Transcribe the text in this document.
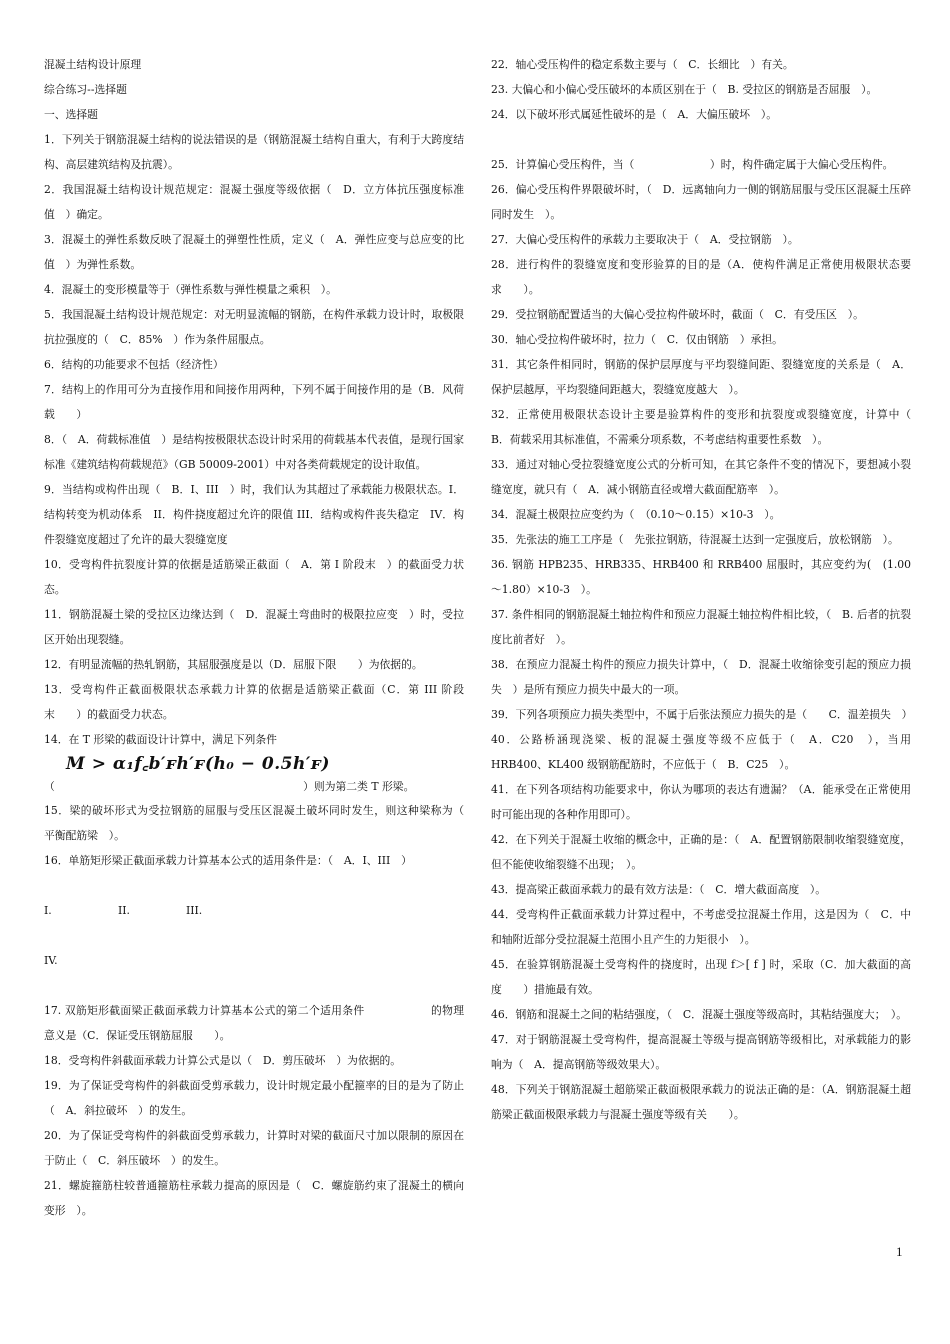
混凝土结构设计原理

综合练习--选择题

一、选择题

1．下列关于钢筋混凝土结构的说法错误的是（钢筋混凝土结构自重大，有利于大跨度结构、高层建筑结构及抗震）。

2．我国混凝土结构设计规范规定：混凝土强度等级依据（　D．立方体抗压强度标准值　）确定。

3．混凝土的弹性系数反映了混凝土的弹塑性性质，定义（　A．弹性应变与总应变的比值　）为弹性系数。

4．混凝土的变形模量等于（弹性系数与弹性模量之乘积　）。

5．我国混凝土结构设计规范规定：对无明显流幅的钢筋，在构件承载力设计时，取极限抗拉强度的（　C．85%　）作为条件屈服点。

6．结构的功能要求不包括（经济性）

7．结构上的作用可分为直接作用和间接作用两种，下列不属于间接作用的是（B．风荷载　　）

8．（　A．荷载标准值　）是结构按极限状态设计时采用的荷载基本代表值，是现行国家标准《建筑结构荷载规范》（GB 50009-2001）中对各类荷载规定的设计取值。

9．当结构或构件出现（　B．I、III　）时，我们认为其超过了承载能力极限状态。I．结构转变为机动体系　II．构件挠度超过允许的限值 III．结构或构件丧失稳定　IV．构件裂缝宽度超过了允许的最大裂缝宽度

10．受弯构件抗裂度计算的依据是适筋梁正截面（　A．第 I 阶段末　）的截面受力状态。

11．钢筋混凝土梁的受拉区边缘达到（　D．混凝土弯曲时的极限拉应变　）时，受拉区开始出现裂缝。

12．有明显流幅的热轧钢筋，其屈服强度是以（D．屈服下限　　）为依据的。

13．受弯构件正截面极限状态承载力计算的依据是适筋梁正截面（C．第 III 阶段末　　）的截面受力状态。

14．在 T 形梁的截面设计计算中，满足下列条件

M > α₁f꜀b′ꜰh′ꜰ(h₀ − 0.5h′ꜰ)
（　　　　　　　　　　　　　　　　　　　　　　　）则为第二类 T 形梁。

15．梁的破坏形式为受拉钢筋的屈服与受压区混凝土破坏同时发生，则这种梁称为（　平衡配筋梁　）。

16．单筋矩形梁正截面承载力计算基本公式的适用条件是：（　A．I、III　）

I.	II.	III.

IV.

17. 双筋矩形截面梁正截面承载力计算基本公式的第二个适用条件　　　　　　的物理意义是（C．保证受压钢筋屈服　　）。

18．受弯构件斜截面承载力计算公式是以（　D．剪压破坏　）为依据的。

19．为了保证受弯构件的斜截面受剪承载力，设计时规定最小配箍率的目的是为了防止（　A．斜拉破坏　）的发生。

20．为了保证受弯构件的斜截面受剪承载力，计算时对梁的截面尺寸加以限制的原因在于防止（　C．斜压破坏　）的发生。

21．螺旋箍筋柱较普通箍筋柱承载力提高的原因是（　C．螺旋筋约束了混凝土的横向变形　）。

22．轴心受压构件的稳定系数主要与（　C．长细比　）有关。

23. 大偏心和小偏心受压破坏的本质区别在于（　B. 受拉区的钢筋是否屈服　）。

24．以下破坏形式属延性破坏的是（　A．大偏压破坏　）。

25．计算偏心受压构件，当（　　　　　　　）时，构件确定属于大偏心受压构件。

26．偏心受压构件界限破坏时，（　D．远离轴向力一侧的钢筋屈服与受压区混凝土压碎同时发生　）。

27．大偏心受压构件的承载力主要取决于（　A．受拉钢筋　）。

28．进行构件的裂缝宽度和变形验算的目的是（A．使构件满足正常使用极限状态要求　　）。

29．受拉钢筋配置适当的大偏心受拉构件破坏时，截面（　C．有受压区　）。

30．轴心受拉构件破坏时，拉力（　C．仅由钢筋　）承担。

31．其它条件相同时，钢筋的保护层厚度与平均裂缝间距、裂缝宽度的关系是（　A．保护层越厚，平均裂缝间距越大，裂缝宽度越大　）。

32．正常使用极限状态设计主要是验算构件的变形和抗裂度或裂缝宽度，计算中（　B．荷载采用其标准值，不需乘分项系数，不考虑结构重要性系数　）。

33．通过对轴心受拉裂缝宽度公式的分析可知，在其它条件不变的情况下，要想减小裂缝宽度，就只有（　A．减小钢筋直径或增大截面配筋率　）。

34．混凝土极限拉应变约为（　（0.10～0.15）×10-3　）。

35．先张法的施工工序是（　先张拉钢筋，待混凝土达到一定强度后，放松钢筋　）。

36. 钢筋 HPB235、HRB335、HRB400 和 RRB400 屈服时，其应变约为(　(1.00～1.80）×10-3　）。

37. 条件相同的钢筋混凝土轴拉构件和预应力混凝土轴拉构件相比较，（　B. 后者的抗裂度比前者好　）。

38．在预应力混凝土构件的预应力损失计算中，（　D．混凝土收缩徐变引起的预应力损失　）是所有预应力损失中最大的一项。

39．下列各项预应力损失类型中，不属于后张法预应力损失的是（　　C．温差损失　）

40．公路桥涵现浇梁、板的混凝土强度等级不应低于（　A．C20　），当用 HRB400、KL400 级钢筋配筋时，不应低于（　B．C25　）。

41．在下列各项结构功能要求中，你认为哪项的表达有遗漏？（A．能承受在正常使用时可能出现的各种作用即可）。

42．在下列关于混凝土收缩的概念中，正确的是：（　A．配置钢筋限制收缩裂缝宽度，但不能使收缩裂缝不出现；　）。

43．提高梁正截面承载力的最有效方法是：（　C．增大截面高度　）。

44．受弯构件正截面承载力计算过程中，不考虑受拉混凝土作用，这是因为（　C．中和轴附近部分受拉混凝土范围小且产生的力矩很小　）。

45．在验算钢筋混凝土受弯构件的挠度时，出现 f＞[ f ] 时，采取（C．加大截面的高度　　）措施最有效。

46．钢筋和混凝土之间的粘结强度，（　C．混凝土强度等级高时，其粘结强度大；　）。

47．对于钢筋混凝土受弯构件，提高混凝土等级与提高钢筋等级相比，对承载能力的影响为（　A．提高钢筋等级效果大）。

48．下列关于钢筋混凝土超筋梁正截面极限承载力的说法正确的是：（A．钢筋混凝土超筋梁正截面极限承载力与混凝土强度等级有关　　）。

1
